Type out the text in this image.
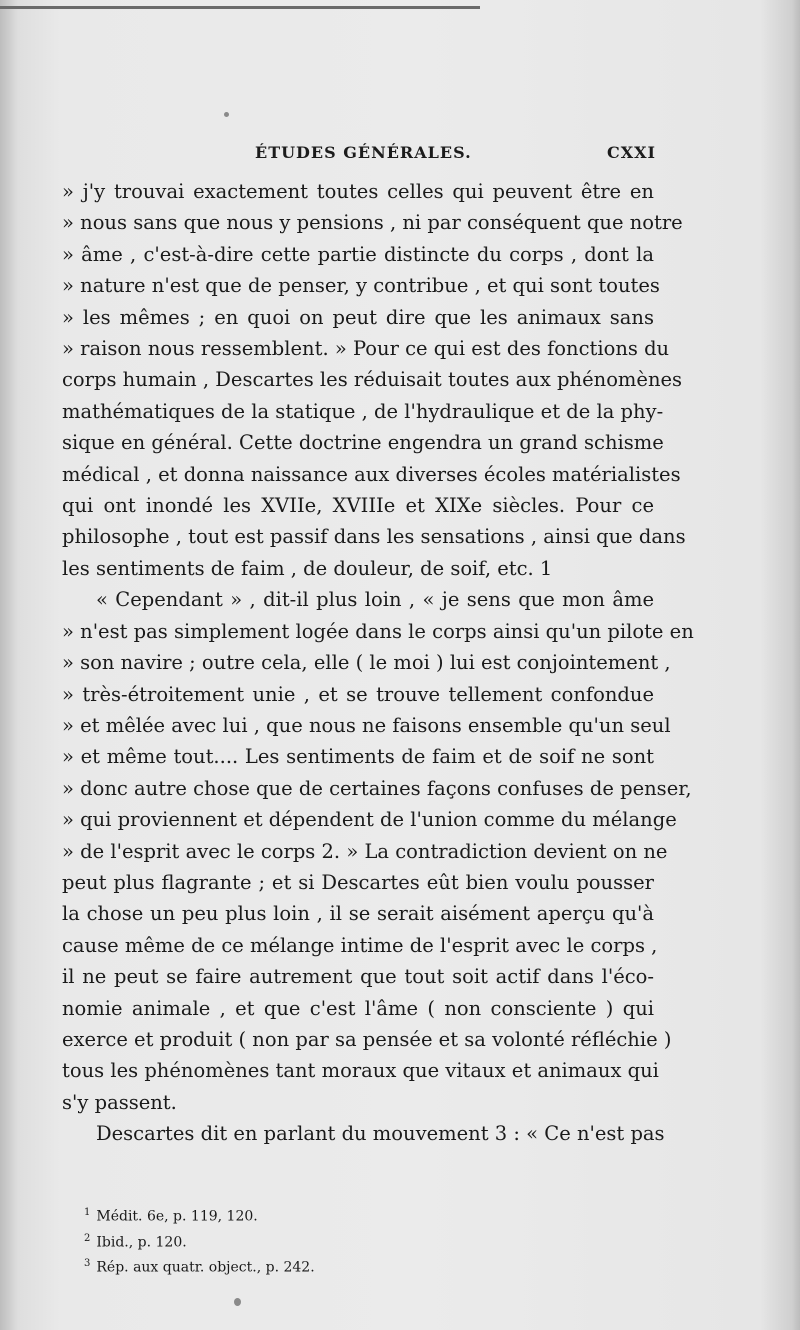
ÉTUDES GÉNÉRALES.	CXXI
» j'y trouvai exactement toutes celles qui peuvent être en
» nous sans que nous y pensions , ni par conséquent que notre
» âme , c'est-à-dire cette partie distincte du corps , dont la
» nature n'est que de penser, y contribue , et qui sont toutes
» les mêmes ; en quoi on peut dire que les animaux sans
» raison nous ressemblent. » Pour ce qui est des fonctions du
corps humain , Descartes les réduisait toutes aux phénomènes
mathématiques de la statique , de l'hydraulique et de la phy-
sique en général. Cette doctrine engendra un grand schisme
médical , et donna naissance aux diverses écoles matérialistes
qui ont inondé les XVIIe, XVIIIe et XIXe siècles. Pour ce
philosophe , tout est passif dans les sensations , ainsi que dans
les sentiments de faim , de douleur, de soif, etc. 1
« Cependant » , dit-il plus loin , « je sens que mon âme
» n'est pas simplement logée dans le corps ainsi qu'un pilote en
» son navire ; outre cela, elle ( le moi ) lui est conjointement ,
» très-étroitement unie , et se trouve tellement confondue
» et mêlée avec lui , que nous ne faisons ensemble qu'un seul
» et même tout.... Les sentiments de faim et de soif ne sont
» donc autre chose que de certaines façons confuses de penser,
» qui proviennent et dépendent de l'union comme du mélange
» de l'esprit avec le corps 2. » La contradiction devient on ne
peut plus flagrante ; et si Descartes eût bien voulu pousser
la chose un peu plus loin , il se serait aisément aperçu qu'à
cause même de ce mélange intime de l'esprit avec le corps ,
il ne peut se faire autrement que tout soit actif dans l'éco-
nomie animale , et que c'est l'âme ( non consciente ) qui
exerce et produit ( non par sa pensée et sa volonté réfléchie )
tous les phénomènes tant moraux que vitaux et animaux qui
s'y passent.
Descartes dit en parlant du mouvement 3 : « Ce n'est pas
$^1$ Médit. 6e, p. 119, 120.
$^2$ Ibid., p. 120.
$^3$ Rép. aux quatr. object., p. 242.
